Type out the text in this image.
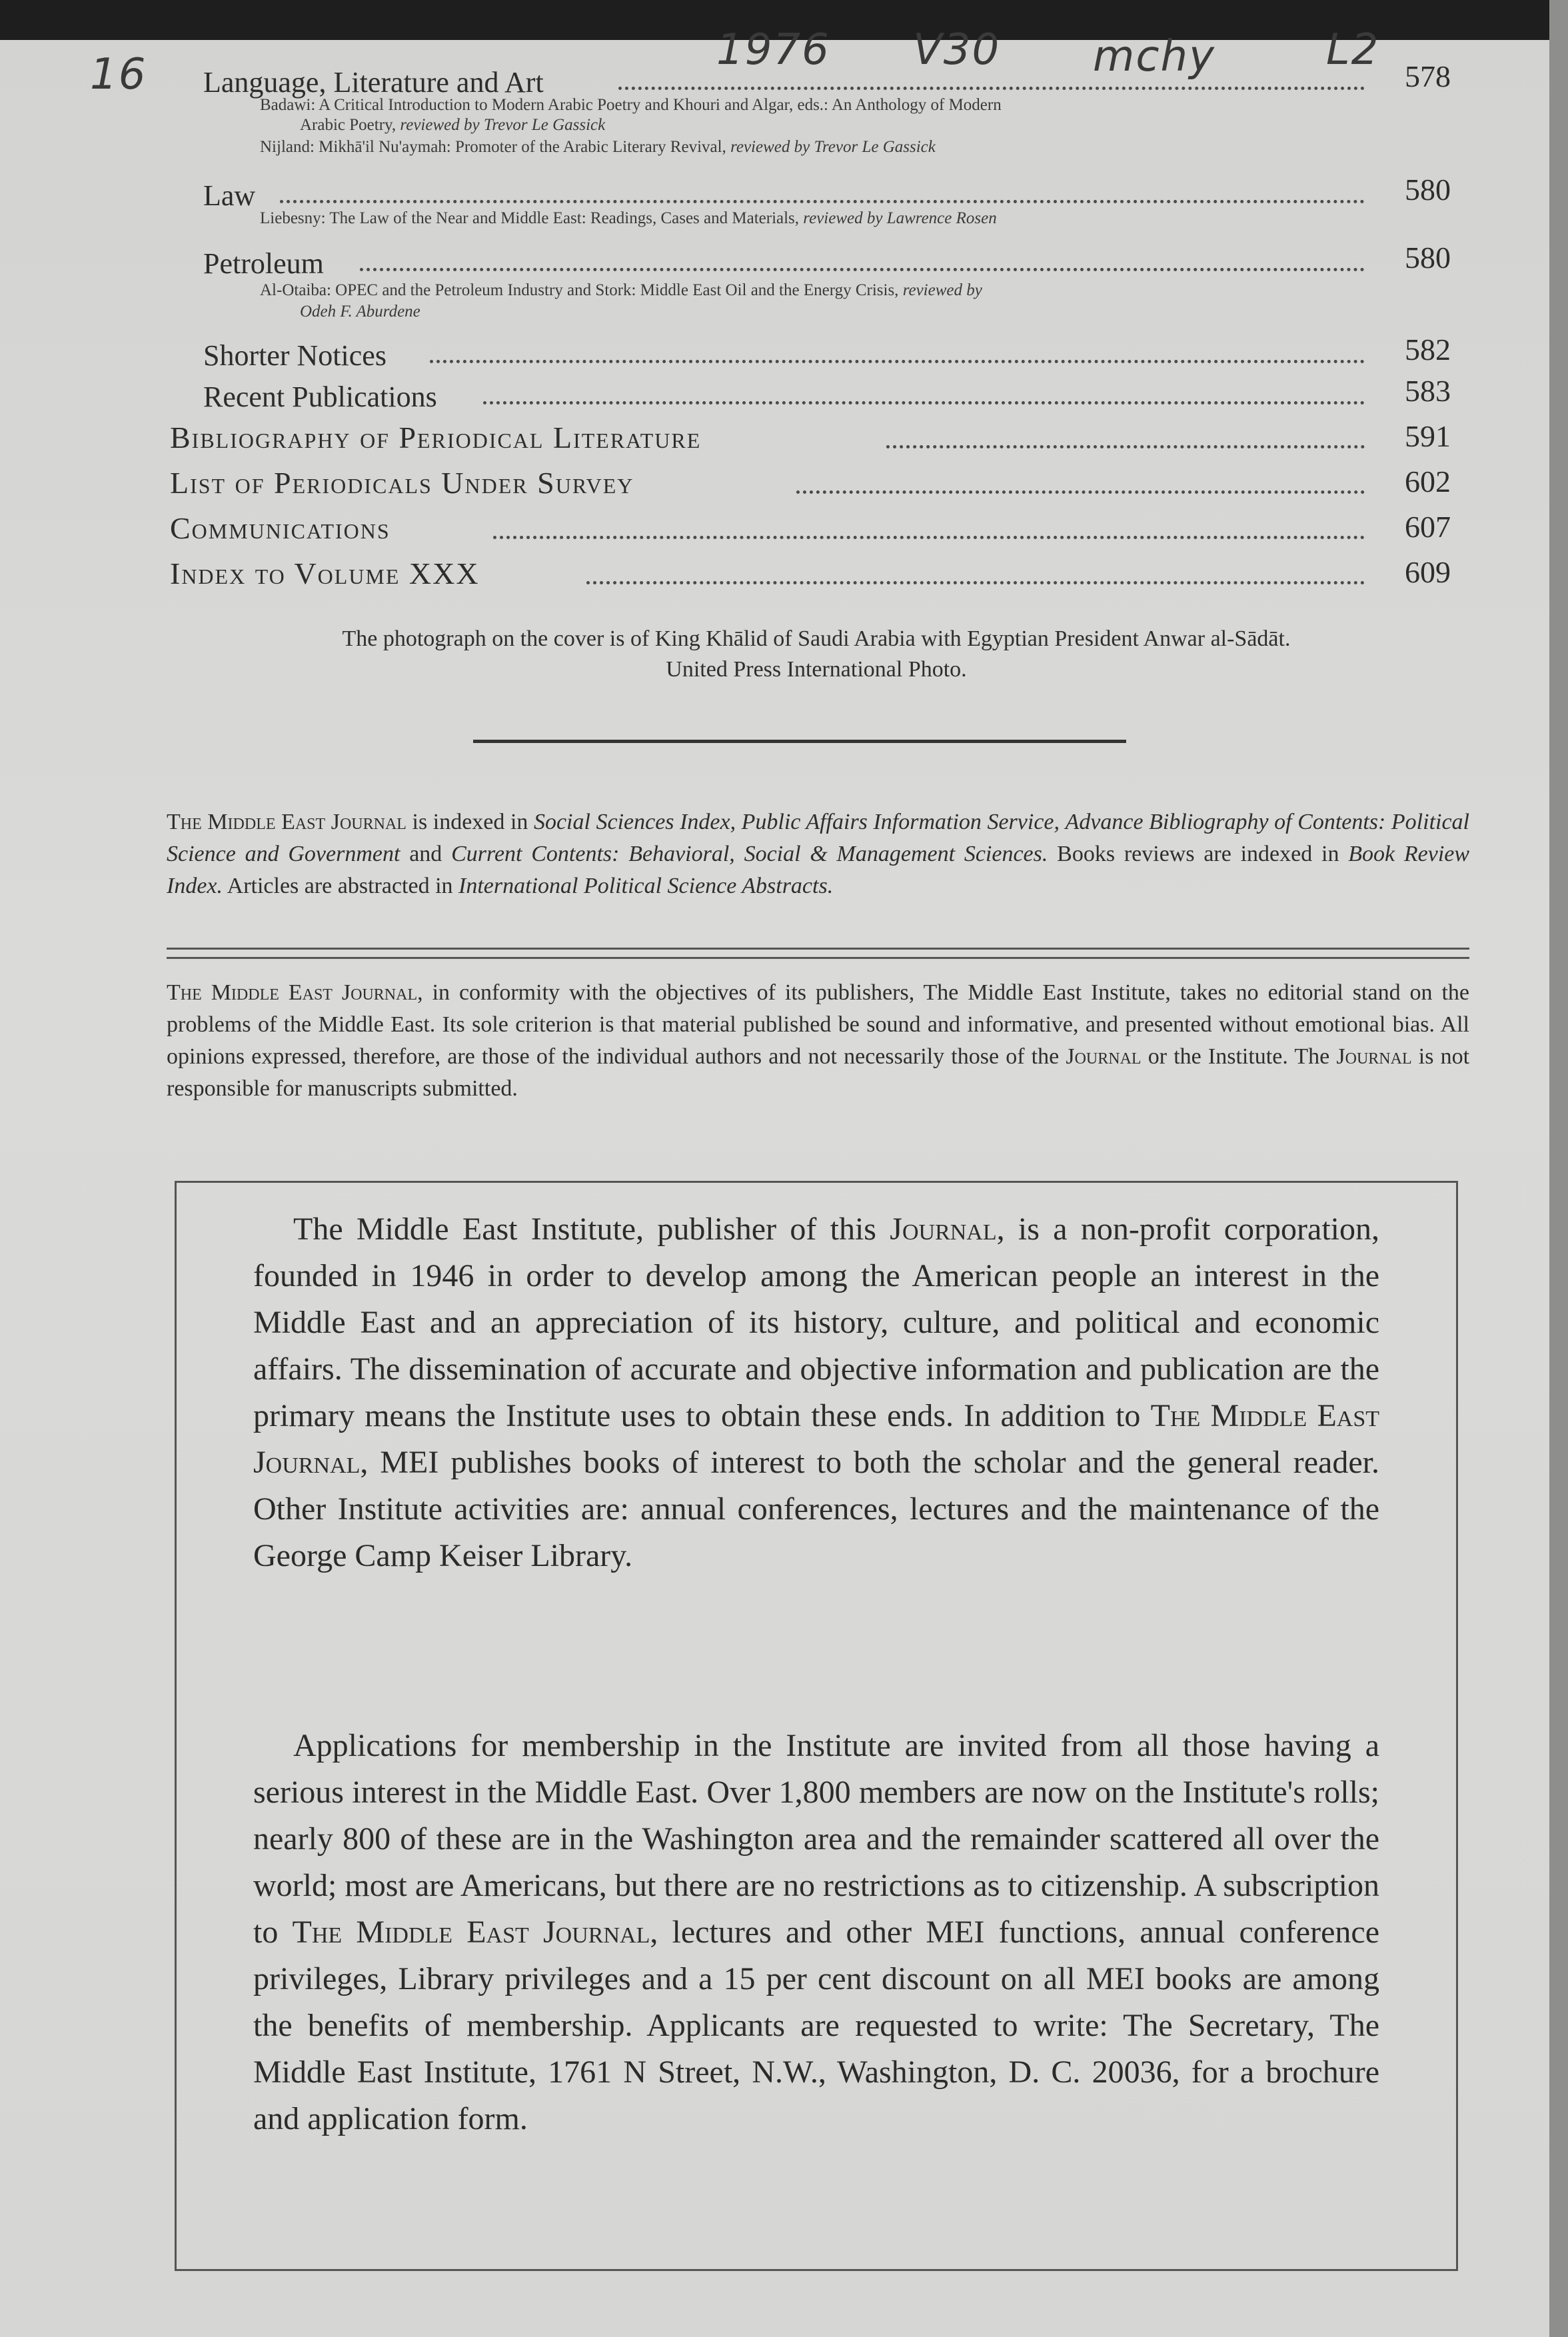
16	1976 V30 mchy	L2
Language, Literature and Art	578
Badawi: A Critical Introduction to Modern Arabic Poetry and Khouri and Algar, eds.: An Anthology of Modern
Arabic Poetry, reviewed by Trevor Le Gassick
Nijland: Mikhā'il Nu'aymah: Promoter of the Arabic Literary Revival, reviewed by Trevor Le Gassick
Law	580
Liebesny: The Law of the Near and Middle East: Readings, Cases and Materials, reviewed by Lawrence Rosen
Petroleum	580
Al-Otaiba: OPEC and the Petroleum Industry and Stork: Middle East Oil and the Energy Crisis, reviewed by
Odeh F. Aburdene
Shorter Notices	582
Recent Publications	583
Bibliography of Periodical Literature	591
List of Periodicals Under Survey	602
Communications	607
Index to Volume XXX	609
The photograph on the cover is of King Khālid of Saudi Arabia with Egyptian President Anwar al-Sādāt.
United Press International Photo.
The Middle East Journal is indexed in Social Sciences Index, Public Affairs Information Service, Advance Bibliography of Contents: Political Science and Government and Current Contents: Behavioral, Social & Management Sciences. Books reviews are indexed in Book Review Index. Articles are abstracted in International Political Science Abstracts.
The Middle East Journal, in conformity with the objectives of its publishers, The Middle East Institute, takes no editorial stand on the problems of the Middle East. Its sole criterion is that material published be sound and informative, and presented without emotional bias. All opinions expressed, therefore, are those of the individual authors and not necessarily those of the Journal or the Institute. The Journal is not responsible for manuscripts submitted.
The Middle East Institute, publisher of this Journal, is a non-profit corporation, founded in 1946 in order to develop among the American people an interest in the Middle East and an appreciation of its history, culture, and political and economic affairs. The dissemination of accurate and objective information and publication are the primary means the Institute uses to obtain these ends. In addition to The Middle East Journal, MEI publishes books of interest to both the scholar and the general reader. Other Institute activities are: annual conferences, lectures and the maintenance of the George Camp Keiser Library.
Applications for membership in the Institute are invited from all those having a serious interest in the Middle East. Over 1,800 members are now on the Institute's rolls; nearly 800 of these are in the Washington area and the remainder scattered all over the world; most are Americans, but there are no restrictions as to citizenship. A subscription to The Middle East Journal, lectures and other MEI functions, annual conference privileges, Library privileges and a 15 per cent discount on all MEI books are among the benefits of membership. Applicants are requested to write: The Secretary, The Middle East Institute, 1761 N Street, N.W., Washington, D. C. 20036, for a brochure and application form.
